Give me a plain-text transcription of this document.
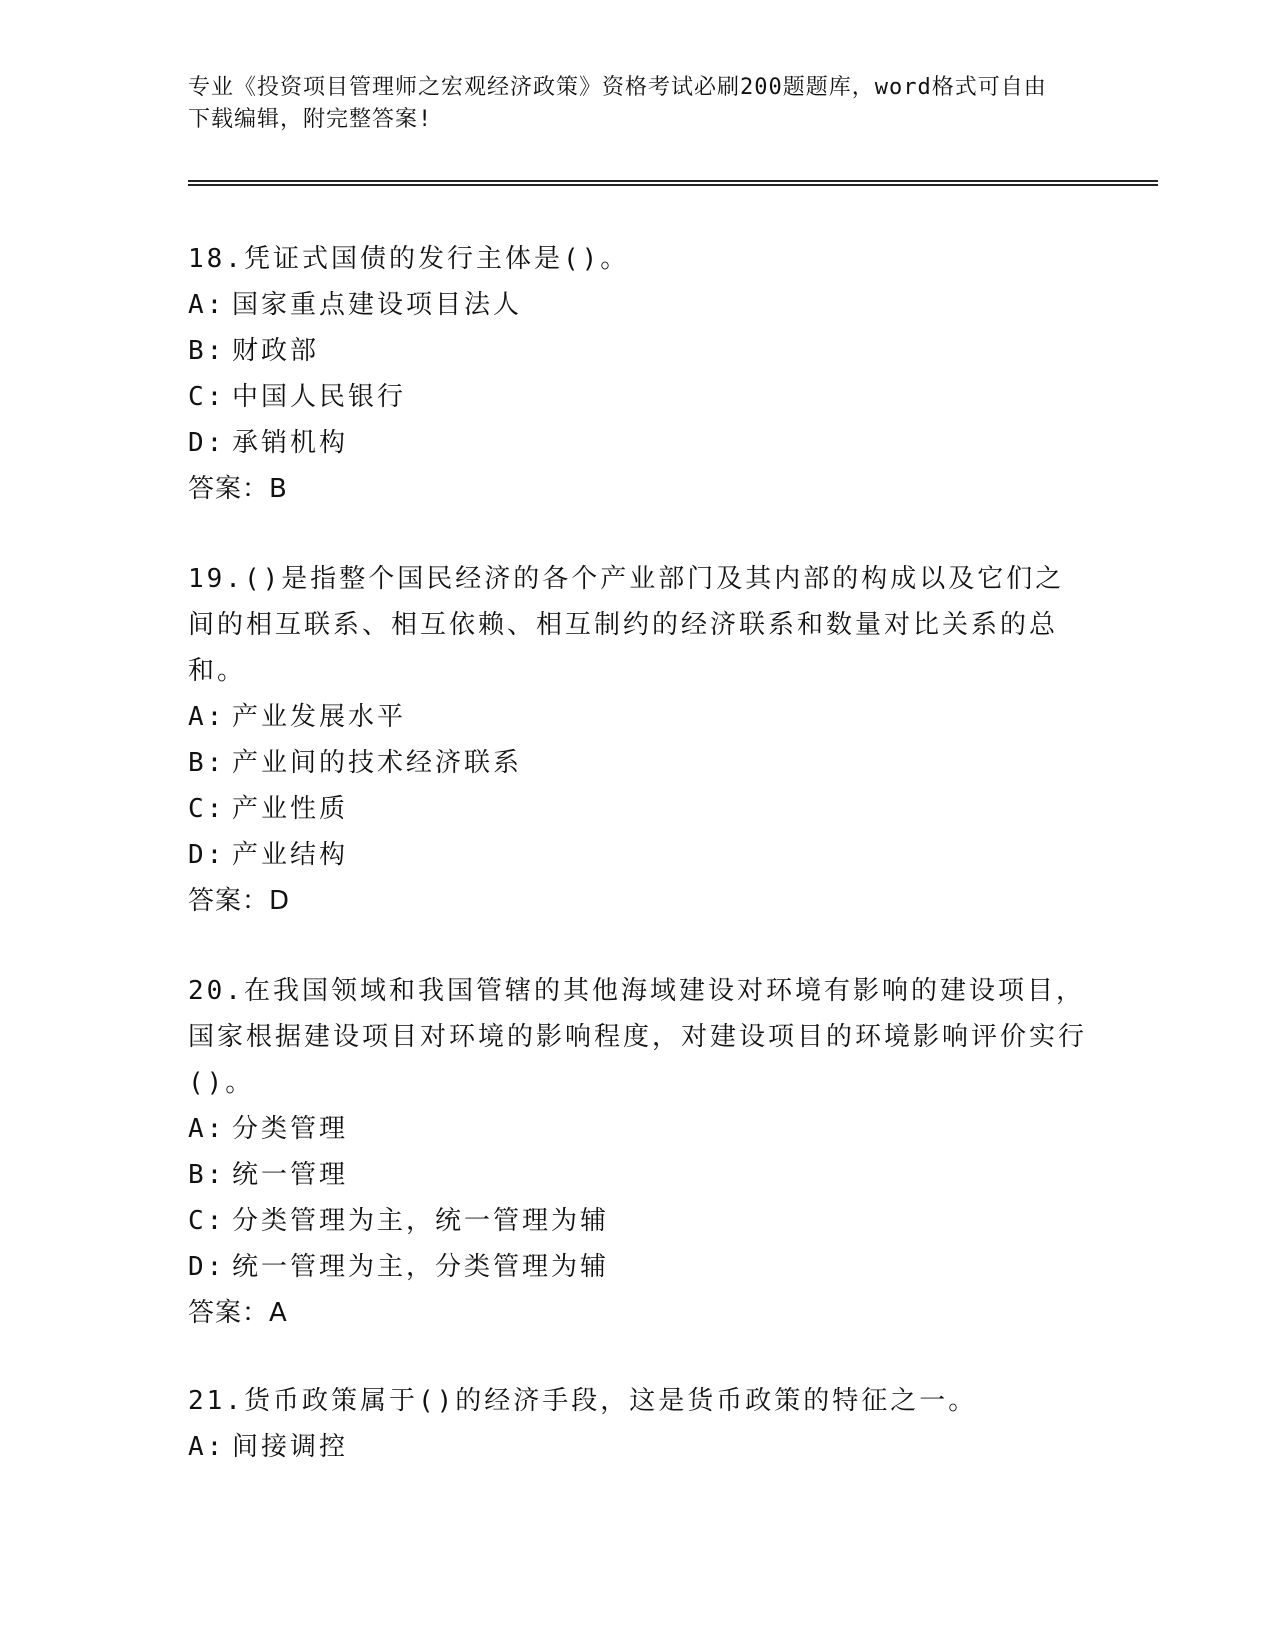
专业《投资项目管理师之宏观经济政策》资格考试必刷200题题库，word格式可自由下载编辑，附完整答案!

18.凭证式国债的发行主体是()。

A: 国家重点建设项目法人

B: 财政部

C: 中国人民银行

D: 承销机构

答案：B

19.()是指整个国民经济的各个产业部门及其内部的构成以及它们之间的相互联系、相互依赖、相互制约的经济联系和数量对比关系的总和。

A: 产业发展水平

B: 产业间的技术经济联系

C: 产业性质

D: 产业结构

答案：D

20.在我国领域和我国管辖的其他海域建设对环境有影响的建设项目，国家根据建设项目对环境的影响程度，对建设项目的环境影响评价实行()。

A: 分类管理

B: 统一管理

C: 分类管理为主，统一管理为辅

D: 统一管理为主，分类管理为辅

答案：A

21.货币政策属于()的经济手段，这是货币政策的特征之一。

A: 间接调控
